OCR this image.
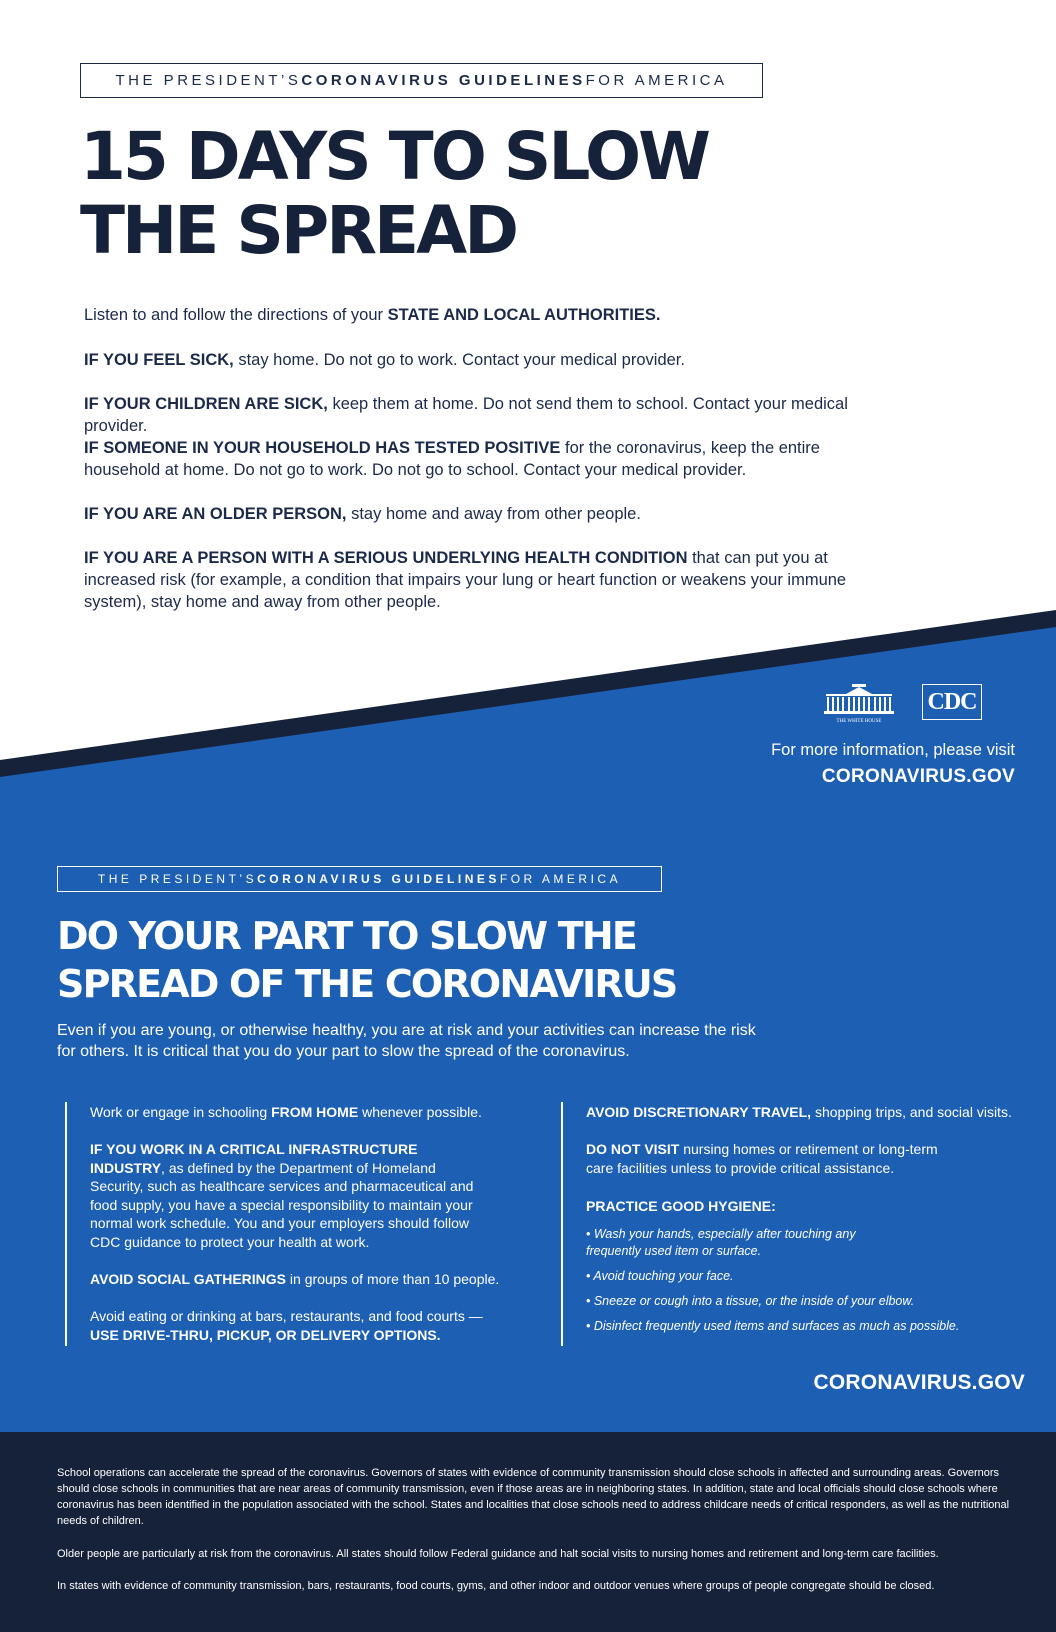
THE PRESIDENT’S CORONAVIRUS GUIDELINES FOR AMERICA
15 DAYS TO SLOW
THE SPREAD

Listen to and follow the directions of your STATE AND LOCAL AUTHORITIES.

IF YOU FEEL SICK, stay home. Do not go to work. Contact your medical provider.

IF YOUR CHILDREN ARE SICK, keep them at home. Do not send them to school. Contact your medical provider.

IF SOMEONE IN YOUR HOUSEHOLD HAS TESTED POSITIVE for the coronavirus, keep the entire household at home. Do not go to work. Do not go to school. Contact your medical provider.

IF YOU ARE AN OLDER PERSON, stay home and away from other people.

IF YOU ARE A PERSON WITH A SERIOUS UNDERLYING HEALTH CONDITION that can put you at increased risk (for example, a condition that impairs your lung or heart function or weakens your immune system), stay home and away from other people.

THE WHITE HOUSE
CDC
For more information, please visit
CORONAVIRUS.GOV
THE PRESIDENT’S CORONAVIRUS GUIDELINES FOR AMERICA
DO YOUR PART TO SLOW THE
SPREAD OF THE CORONAVIRUS

Even if you are young, or otherwise healthy, you are at risk and your activities can increase the risk for others. It is critical that you do your part to slow the spread of the coronavirus.

Work or engage in schooling FROM HOME whenever possible.

IF YOU WORK IN A CRITICAL INFRASTRUCTURE INDUSTRY, as defined by the Department of Homeland Security, such as healthcare services and pharmaceutical and food supply, you have a special responsibility to maintain your normal work schedule. You and your employers should follow CDC guidance to protect your health at work.

AVOID SOCIAL GATHERINGS in groups of more than 10 people.

Avoid eating or drinking at bars, restaurants, and food courts — USE DRIVE-THRU, PICKUP, OR DELIVERY OPTIONS.

AVOID DISCRETIONARY TRAVEL, shopping trips, and social visits.

DO NOT VISIT nursing homes or retirement or long-term care facilities unless to provide critical assistance.

PRACTICE GOOD HYGIENE:

• Wash your hands, especially after touching any frequently used item or surface.

• Avoid touching your face.

• Sneeze or cough into a tissue, or the inside of your elbow.

• Disinfect frequently used items and surfaces as much as possible.

CORONAVIRUS.GOV

School operations can accelerate the spread of the coronavirus. Governors of states with evidence of community transmission should close schools in affected and surrounding areas. Governors should close schools in communities that are near areas of community transmission, even if those areas are in neighboring states. In addition, state and local officials should close schools where coronavirus has been identified in the population associated with the school. States and localities that close schools need to address childcare needs of critical responders, as well as the nutritional needs of children.

Older people are particularly at risk from the coronavirus. All states should follow Federal guidance and halt social visits to nursing homes and retirement and long-term care facilities.

In states with evidence of community transmission, bars, restaurants, food courts, gyms, and other indoor and outdoor venues where groups of people congregate should be closed.
